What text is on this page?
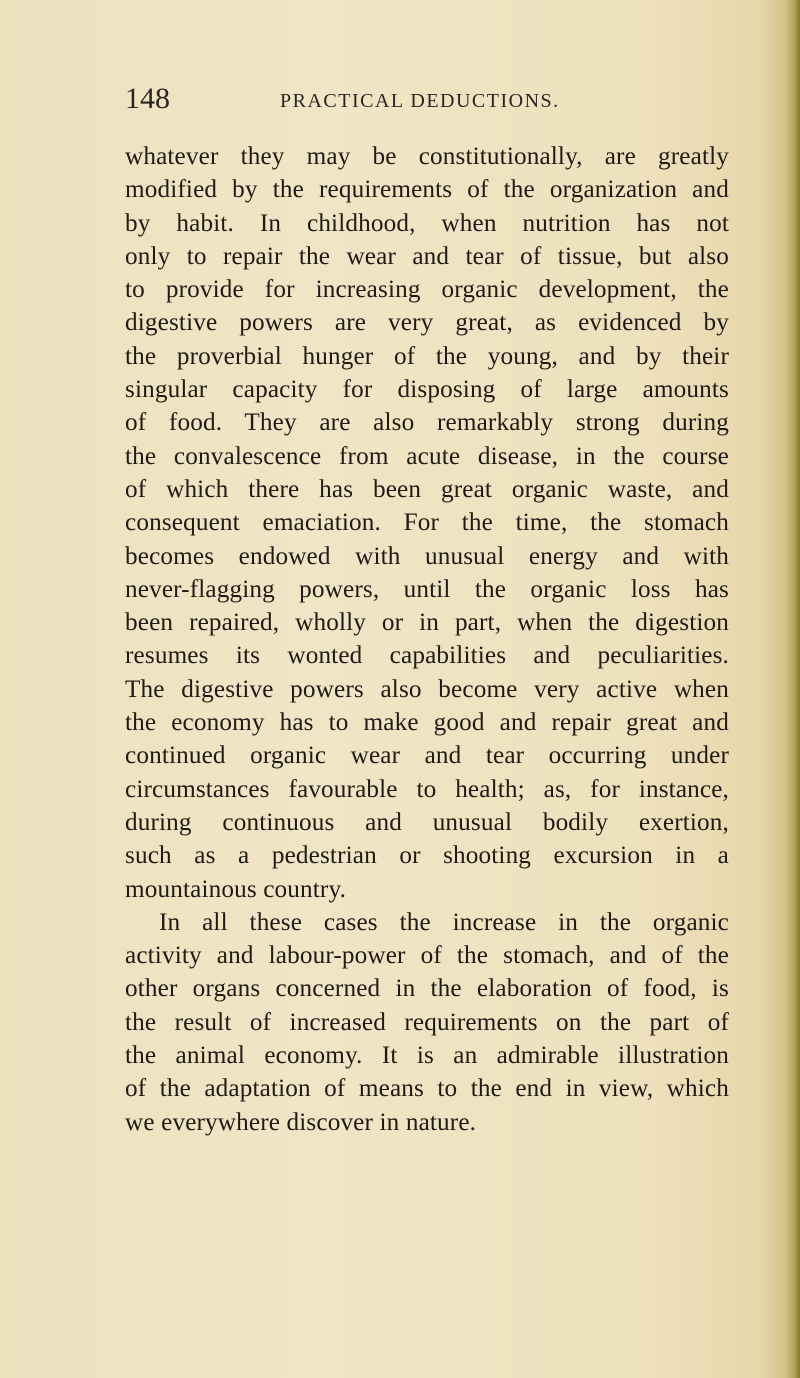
148	PRACTICAL DEDUCTIONS.
whatever they may be constitutionally, are greatly
modified by the requirements of the organization and
by habit. In childhood, when nutrition has not
only to repair the wear and tear of tissue, but also
to provide for increasing organic development, the
digestive powers are very great, as evidenced by
the proverbial hunger of the young, and by their
singular capacity for disposing of large amounts
of food. They are also remarkably strong during
the convalescence from acute disease, in the course
of which there has been great organic waste, and
consequent emaciation. For the time, the stomach
becomes endowed with unusual energy and with
never-flagging powers, until the organic loss has
been repaired, wholly or in part, when the digestion
resumes its wonted capabilities and peculiarities.
The digestive powers also become very active when
the economy has to make good and repair great and
continued organic wear and tear occurring under
circumstances favourable to health; as, for instance,
during continuous and unusual bodily exertion,
such as a pedestrian or shooting excursion in a
mountainous country.
In all these cases the increase in the organic
activity and labour-power of the stomach, and of the
other organs concerned in the elaboration of food, is
the result of increased requirements on the part of
the animal economy. It is an admirable illustration
of the adaptation of means to the end in view, which
we everywhere discover in nature.
